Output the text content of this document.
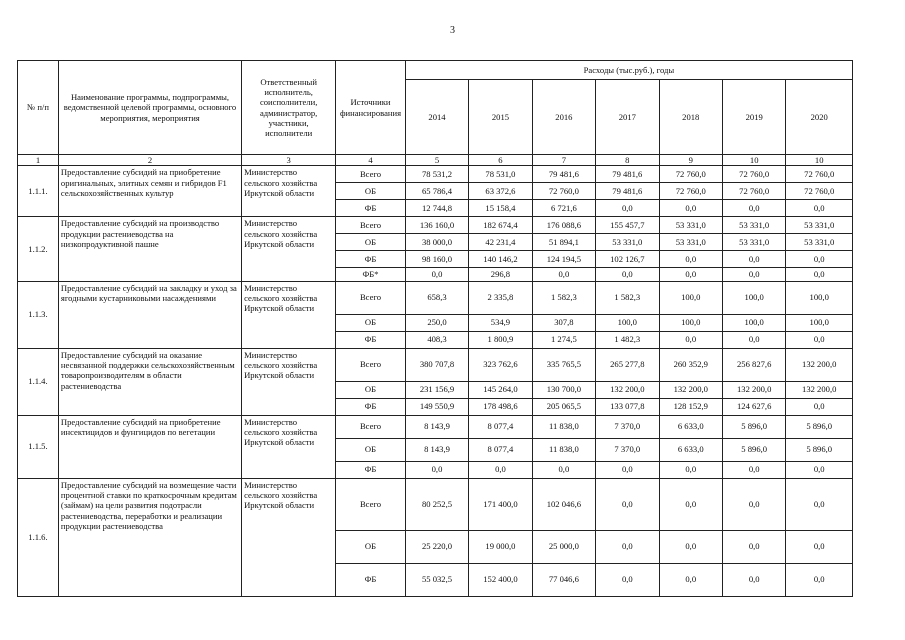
3
№ п/п	Наименование программы, подпрограммы, ведомственной целевой программы, основного мероприятия, мероприятия	Ответственный исполнитель, соисполнители, администратор, участники, исполнители	Источники финансирования	Расходы (тыс.руб.), годы						
				2014	2015	2016	2017	2018	2019	2020
1	2	3	4	5	6	7	8	9	10	10
1.1.1.	Предоставление субсидий на приобретение оригинальных, элитных семян и гибридов F1 сельскохозяйственных культур	Министерство сельского хозяйства Иркутской области	Всего	78 531,2	78 531,0	79 481,6	79 481,6	72 760,0	72 760,0	72 760,0
			ОБ	65 786,4	63 372,6	72 760,0	79 481,6	72 760,0	72 760,0	72 760,0
			ФБ	12 744,8	15 158,4	6 721,6	0,0	0,0	0,0	0,0
1.1.2.	Предоставление субсидий на производство продукции растениеводства на низкопродуктивной пашне	Министерство сельского хозяйства Иркутской области	Всего	136 160,0	182 674,4	176 088,6	155 457,7	53 331,0	53 331,0	53 331,0
			ОБ	38 000,0	42 231,4	51 894,1	53 331,0	53 331,0	53 331,0	53 331,0
			ФБ	98 160,0	140 146,2	124 194,5	102 126,7	0,0	0,0	0,0
			ФБ*	0,0	296,8	0,0	0,0	0,0	0,0	0,0
1.1.3.	Предоставление субсидий на закладку и уход за ягодными кустарниковыми насаждениями	Министерство сельского хозяйства Иркутской области	Всего	658,3	2 335,8	1 582,3	1 582,3	100,0	100,0	100,0
			ОБ	250,0	534,9	307,8	100,0	100,0	100,0	100,0
			ФБ	408,3	1 800,9	1 274,5	1 482,3	0,0	0,0	0,0
1.1.4.	Предоставление субсидий на оказание несвязанной поддержки сельскохозяйственным товаропроизводителям в области растениеводства	Министерство сельского хозяйства Иркутской области	Всего	380 707,8	323 762,6	335 765,5	265 277,8	260 352,9	256 827,6	132 200,0
			ОБ	231 156,9	145 264,0	130 700,0	132 200,0	132 200,0	132 200,0	132 200,0
			ФБ	149 550,9	178 498,6	205 065,5	133 077,8	128 152,9	124 627,6	0,0
1.1.5.	Предоставление субсидий на приобретение инсектицидов и фунгицидов по вегетации	Министерство сельского хозяйства Иркутской области	Всего	8 143,9	8 077,4	11 838,0	7 370,0	6 633,0	5 896,0	5 896,0
			ОБ	8 143,9	8 077,4	11 838,0	7 370,0	6 633,0	5 896,0	5 896,0
			ФБ	0,0	0,0	0,0	0,0	0,0	0,0	0,0
1.1.6.	Предоставление субсидий на возмещение части процентной ставки по краткосрочным кредитам (займам) на цели развития подотрасли растениеводства, переработки и реализации продукции растениеводства	Министерство сельского хозяйства Иркутской области	Всего	80 252,5	171 400,0	102 046,6	0,0	0,0	0,0	0,0
			ОБ	25 220,0	19 000,0	25 000,0	0,0	0,0	0,0	0,0
			ФБ	55 032,5	152 400,0	77 046,6	0,0	0,0	0,0	0,0
